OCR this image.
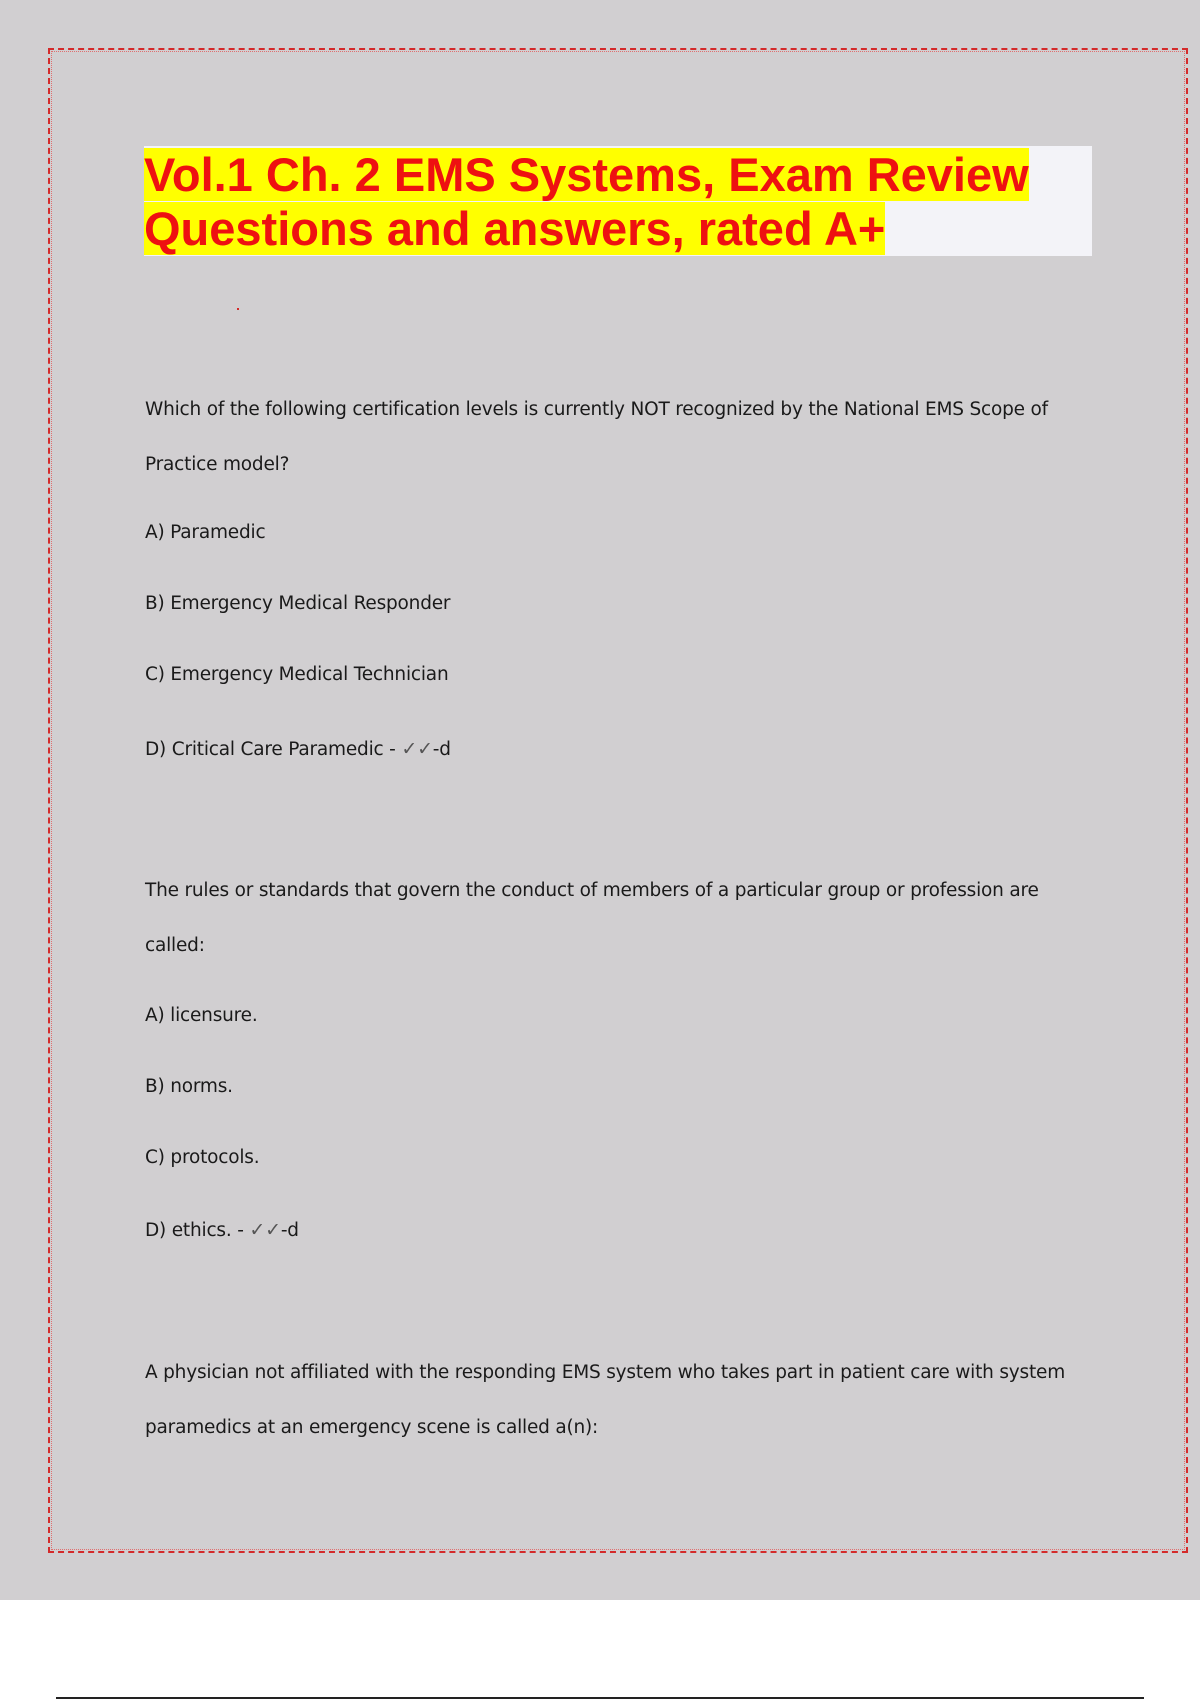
Vol.1 Ch. 2 EMS Systems, Exam Review
Questions and answers, rated A+
Which of the following certification levels is currently NOT recognized by the National EMS Scope of
Practice model?
A) Paramedic
B) Emergency Medical Responder
C) Emergency Medical Technician
D) Critical Care Paramedic - ✓✓-d
The rules or standards that govern the conduct of members of a particular group or profession are
called:
A) licensure.
B) norms.
C) protocols.
D) ethics. - ✓✓-d
A physician not affiliated with the responding EMS system who takes part in patient care with system
paramedics at an emergency scene is called a(n):
